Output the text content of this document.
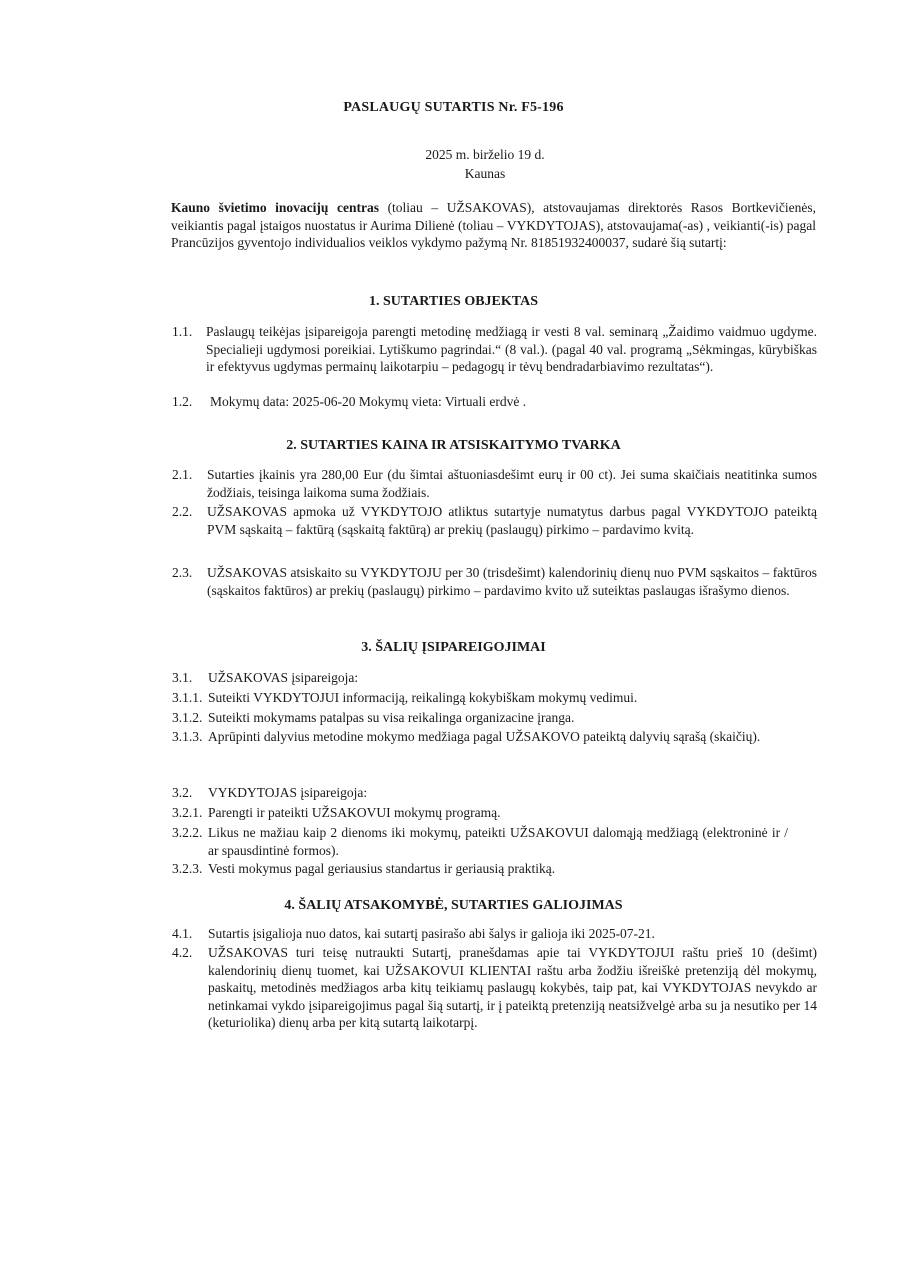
PASLAUGŲ SUTARTIS Nr. F5-196
2025 m. birželio 19 d.
Kaunas
Kauno švietimo inovacijų centras (toliau – UŽSAKOVAS), atstovaujamas direktorės Rasos Bortkevičienės, veikiantis pagal įstaigos nuostatus ir Aurima Dilienė (toliau – VYKDYTOJAS), atstovaujama(-as) , veikianti(-is) pagal Prancūzijos gyventojo individualios veiklos vykdymo pažymą Nr. 81851932400037, sudarė šią sutartį:
1. SUTARTIES OBJEKTAS
1.1. Paslaugų teikėjas įsipareigoja parengti metodinę medžiagą ir vesti 8 val. seminarą „Žaidimo vaidmuo ugdyme. Specialieji ugdymosi poreikiai. Lytiškumo pagrindai.“ (8 val.). (pagal 40 val. programą „Sėkmingas, kūrybiškas ir efektyvus ugdymas permainų laikotarpiu – pedagogų ir tėvų bendradarbiavimo rezultatas“).
1.2. Mokymų data: 2025-06-20 Mokymų vieta: Virtuali erdvė .
2. SUTARTIES KAINA IR ATSISKAITYMO TVARKA
2.1. Sutarties įkainis yra 280,00 Eur (du šimtai aštuoniasdešimt eurų ir 00 ct). Jei suma skaičiais neatitinka sumos žodžiais, teisinga laikoma suma žodžiais.
2.2. UŽSAKOVAS apmoka už VYKDYTOJO atliktus sutartyje numatytus darbus pagal VYKDYTOJO pateiktą PVM sąskaitą – faktūrą (sąskaitą faktūrą) ar prekių (paslaugų) pirkimo – pardavimo kvitą.
2.3. UŽSAKOVAS atsiskaito su VYKDYTOJU per 30 (trisdešimt) kalendorinių dienų nuo PVM sąskaitos – faktūros (sąskaitos faktūros) ar prekių (paslaugų) pirkimo – pardavimo kvito už suteiktas paslaugas išrašymo dienos.
3. ŠALIŲ ĮSIPAREIGOJIMAI
3.1. UŽSAKOVAS įsipareigoja:
3.1.1. Suteikti VYKDYTOJUI informaciją, reikalingą kokybiškam mokymų vedimui.
3.1.2. Suteikti mokymams patalpas su visa reikalinga organizacine įranga.
3.1.3. Aprūpinti dalyvius metodine mokymo medžiaga pagal UŽSAKOVO pateiktą dalyvių sąrašą (skaičių).
3.2. VYKDYTOJAS įsipareigoja:
3.2.1. Parengti ir pateikti UŽSAKOVUI mokymų programą.
3.2.2. Likus ne mažiau kaip 2 dienoms iki mokymų, pateikti UŽSAKOVUI dalomąją medžiagą (elektroninė ir / ar spausdintinė formos).
3.2.3. Vesti mokymus pagal geriausius standartus ir geriausią praktiką.
4. ŠALIŲ ATSAKOMYBĖ, SUTARTIES GALIOJIMAS
4.1. Sutartis įsigalioja nuo datos, kai sutartį pasirašo abi šalys ir galioja iki 2025-07-21.
4.2. UŽSAKOVAS turi teisę nutraukti Sutartį, pranešdamas apie tai VYKDYTOJUI raštu prieš 10 (dešimt) kalendorinių dienų tuomet, kai UŽSAKOVUI KLIENTAI raštu arba žodžiu išreiškė pretenziją dėl mokymų, paskaitų, metodinės medžiagos arba kitų teikiamų paslaugų kokybės, taip pat, kai VYKDYTOJAS nevykdo ar netinkamai vykdo įsipareigojimus pagal šią sutartį, ir į pateiktą pretenziją neatsižvelgė arba su ja nesutiko per 14 (keturiolika) dienų arba per kitą sutartą laikotarpį.
